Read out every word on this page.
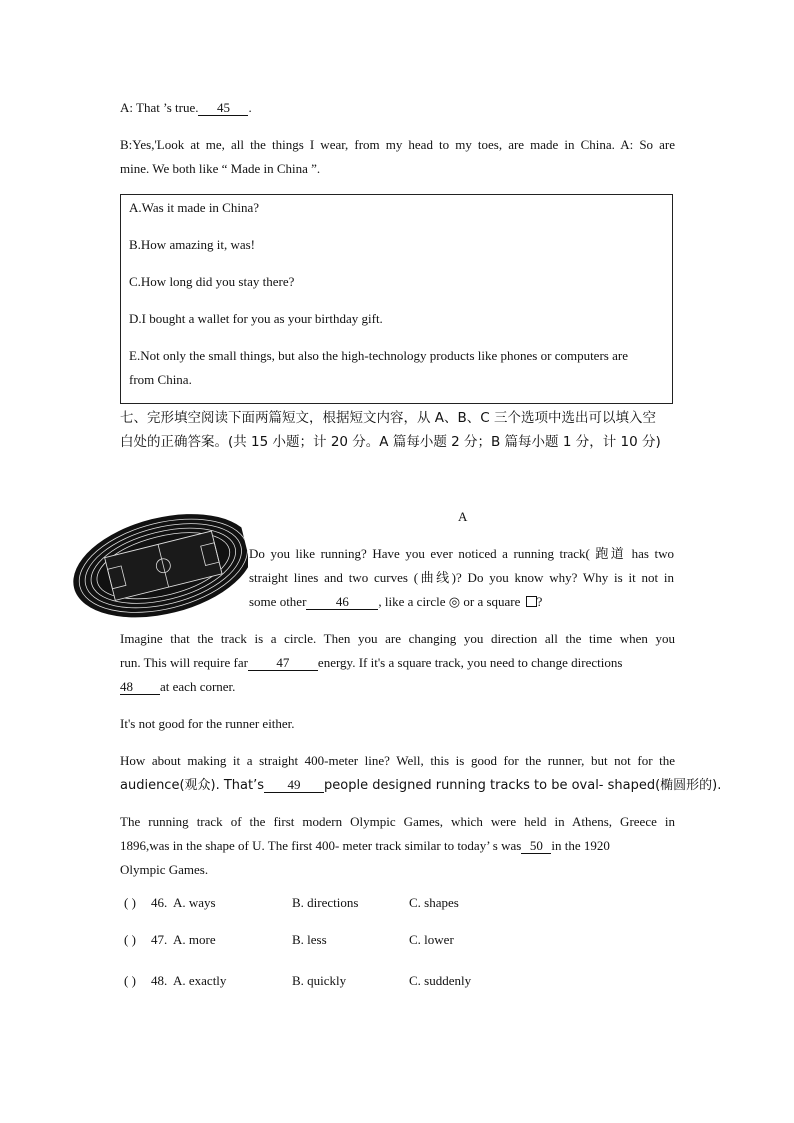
A: That ’s true. 45 .
B:Yes,'Look at me, all the things I wear, from my head to my toes, are made in China. A: So are
mine. We both like “ Made in China ”.
A.Was it made in China?
B.How amazing it, was!
C.How long did you stay there?
D.I bought a wallet for you as your birthday gift.
E.Not only the small things, but also the high-technology products like phones or computers are
from China.
七、完形填空阅读下面两篇短文，根据短文内容，从 A、B、C 三个选项中选出可以填入空
白处的正确答案。(共 15 小题；计 20 分。A 篇每小题 2 分；B 篇每小题 1 分，计 10 分)
A
Do you like running? Have you ever noticed a running track( 跑道 has two
straight lines and two curves (曲线)? Do you know why? Why is it not in
some other 46 , like a circle ◎ or a square ?
Imagine that the track is a circle. Then you are changing you direction all the time when you
run. This will require far 47 energy. If it's a square track, you need to change directions
48 at each corner.
It's not good for the runner either.
How about making it a straight 400-meter line? Well, this is good for the runner, but not for the
audience(观众). That’s 49 people designed running tracks to be oval- shaped(椭圆形的).
The running track of the first modern Olympic Games, which were held in Athens, Greece in
1896,was in the shape of U. The first 400- meter track similar to today’ s was 50 in the 1920
Olympic Games.
( ) 46. A. ways	B. directions	C. shapes
( ) 47. A. more	B. less	C. lower
( ) 48. A. exactly	B. quickly	C. suddenly
